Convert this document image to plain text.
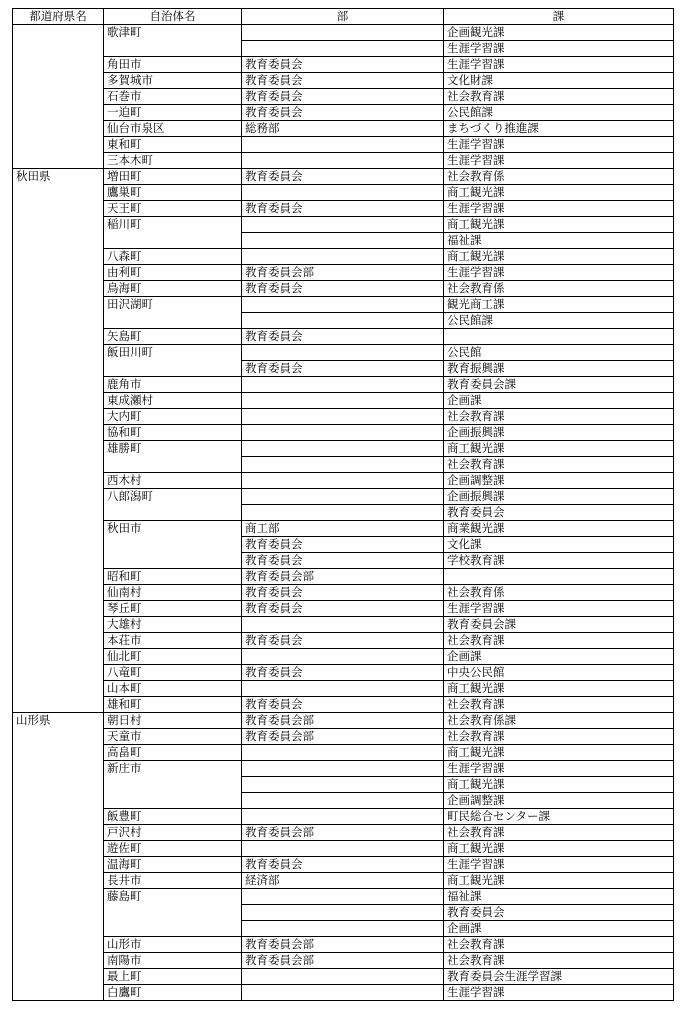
都道府県名	自治体名	部	課
	歌津町		企画観光課
			生涯学習課
	角田市	教育委員会	生涯学習課
	多賀城市	教育委員会	文化財課
	石巻市	教育委員会	社会教育課
	一迫町	教育委員会	公民館課
	仙台市泉区	総務部	まちづくり推進課
	東和町		生涯学習課
	三本木町		生涯学習課
秋田県	増田町	教育委員会	社会教育係
	鷹巣町		商工観光課
	天王町	教育委員会	生涯学習課
	稲川町		商工観光課
			福祉課
	八森町		商工観光課
	由利町	教育委員会部	生涯学習課
	鳥海町	教育委員会	社会教育係
	田沢湖町		観光商工課
			公民館課
	矢島町	教育委員会	
	飯田川町		公民館
		教育委員会	教育振興課
	鹿角市		教育委員会課
	東成瀬村		企画課
	大内町		社会教育課
	協和町		企画振興課
	雄勝町		商工観光課
			社会教育課
	西木村		企画調整課
	八郎潟町		企画振興課
			教育委員会
	秋田市	商工部	商業観光課
		教育委員会	文化課
		教育委員会	学校教育課
	昭和町	教育委員会部	
	仙南村	教育委員会	社会教育係
	琴丘町	教育委員会	生涯学習課
	大雄村		教育委員会課
	本荘市	教育委員会	社会教育課
	仙北町		企画課
	八竜町	教育委員会	中央公民館
	山本町		商工観光課
	雄和町	教育委員会	社会教育課
山形県	朝日村	教育委員会部	社会教育係課
	天童市	教育委員会部	社会教育課
	高畠町		商工観光課
	新庄市		生涯学習課
			商工観光課
			企画調整課
	飯豊町		町民総合センター課
	戸沢村	教育委員会部	社会教育課
	遊佐町		商工観光課
	温海町	教育委員会	生涯学習課
	長井市	経済部	商工観光課
	藤島町		福祉課
			教育委員会
			企画課
	山形市	教育委員会部	社会教育課
	南陽市	教育委員会部	社会教育課
	最上町		教育委員会生涯学習課
	白鷹町		生涯学習課
